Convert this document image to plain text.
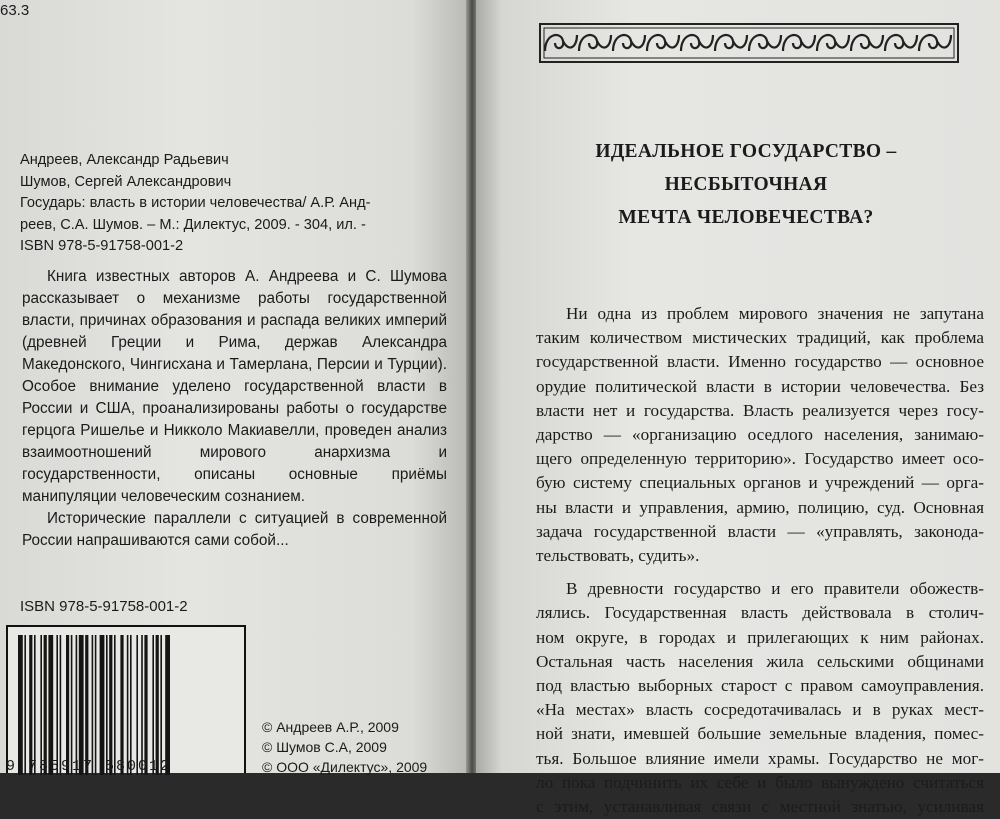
63.3
Андреев, Александр Радьевич
Шумов, Сергей Александрович
Государь: власть в истории человечества/ А.Р. Анд-
реев, С.А. Шумов. – М.: Дилектус, 2009. - 304, ил. -
ISBN 978-5-91758-001-2

Книга известных авторов А. Андреева и С. Шумова рассказывает о механизме работы государственной власти, причинах образования и распада великих империй (древней Греции и Рима, держав Александра Македонского, Чингисхана и Тамерлана, Персии и Турции). Особое внимание уделено государственной власти в России и США, проанализированы работы о государстве герцога Ришелье и Никколо Макиавелли, проведен анализ взаимоотношений мирового анархизма и государственности, описаны основные приёмы манипуляции человеческим сознанием.

Исторические параллели с ситуацией в современной России напрашиваются сами собой...

ISBN 978-5-91758-001-2
9 785917 580012
© Андреев А.Р., 2009
© Шумов С.А, 2009
© ООО «Дилектус», 2009
ИДЕАЛЬНОЕ ГОСУДАРСТВО – НЕСБЫТОЧНАЯ
МЕЧТА ЧЕЛОВЕЧЕСТВА?
Ни одна из проблем мирового значения не запутана
таким количеством мистических традиций, как проблема
государственной власти. Именно государство — основное
орудие политической власти в истории человечества. Без
власти нет и государства. Власть реализуется через госу-
дарство — «организацию оседлого населения, занимаю-
щего определенную территорию». Государство имеет осо-
бую систему специальных органов и учреждений — орга-
ны власти и управления, армию, полицию, суд. Основная
задача государственной власти — «управлять, законода-
тельствовать, судить».
В древности государство и его правители обожеств-
лялись. Государственная власть действовала в столич-
ном округе, в городах и прилегающих к ним районах.
Остальная часть населения жила сельскими общинами
под властью выборных старост с правом самоуправления.
«На местах» власть сосредотачивалась и в руках мест-
ной знати, имевшей большие земельные владения, помес-
тья. Большое влияние имели храмы. Государство не мог-
ло пока подчинить их себе и было вынуждено считаться
с этим, устанавливая связи с местной знатью, усиливая
